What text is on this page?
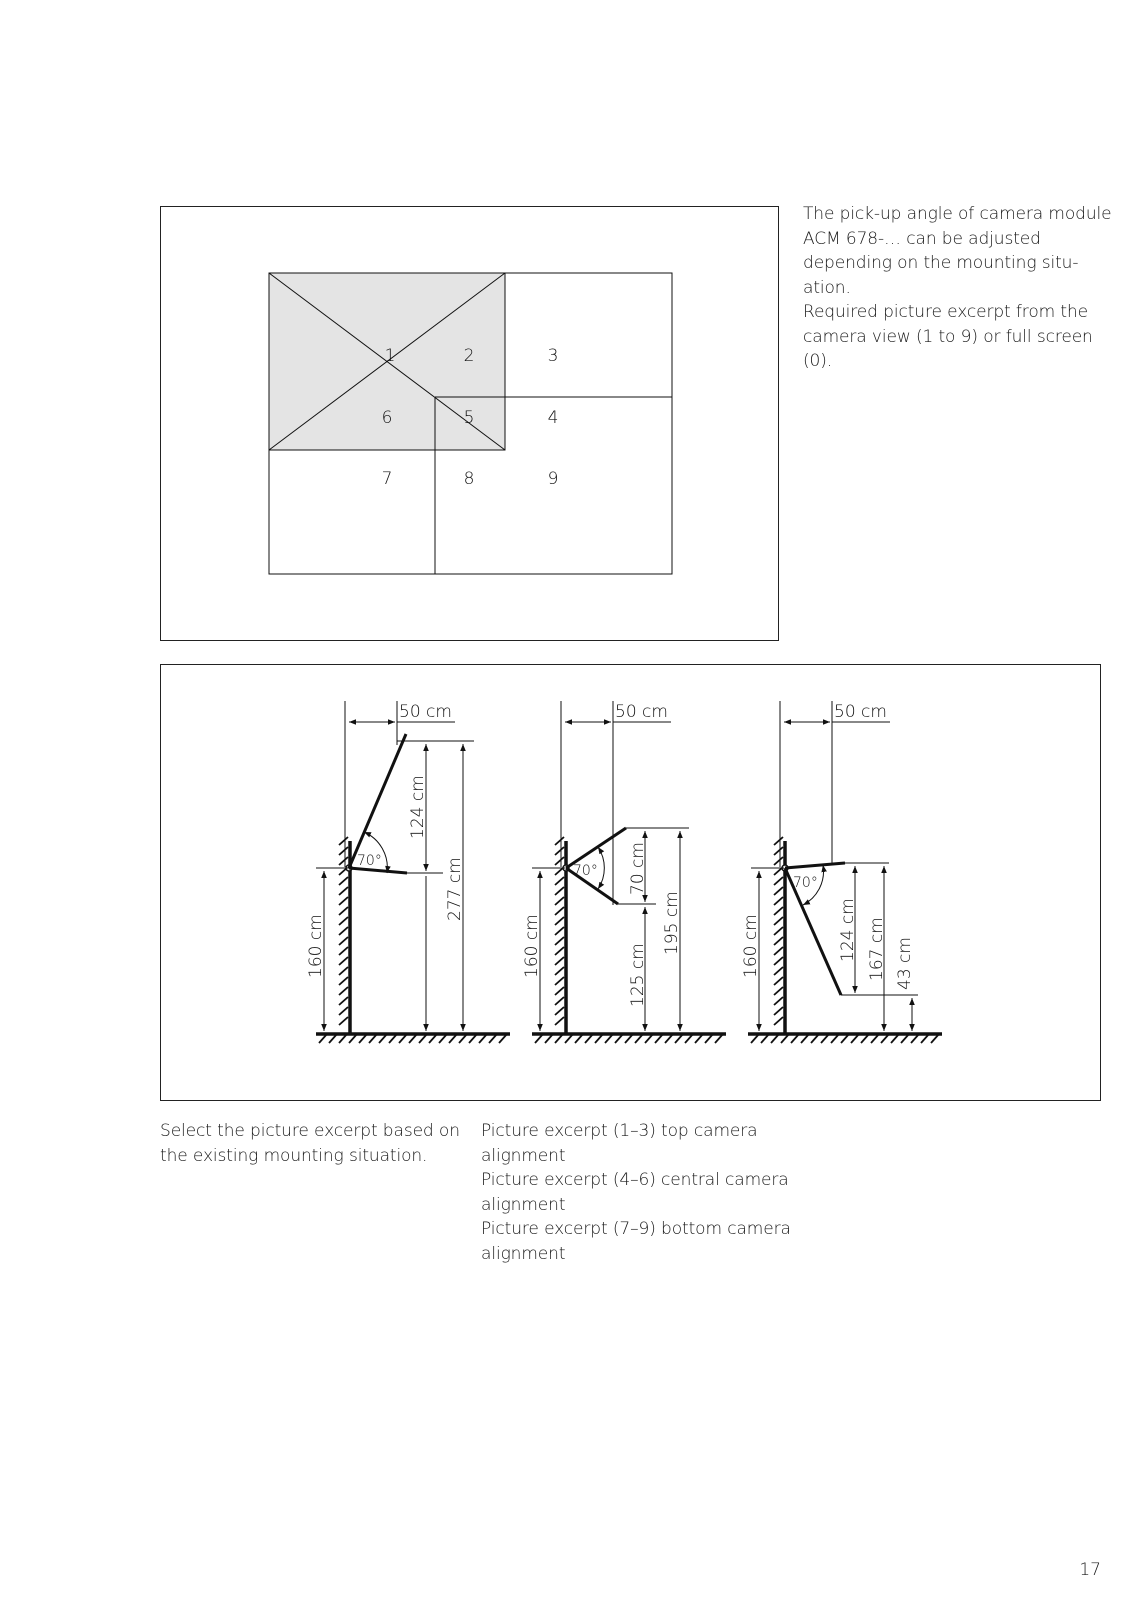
The pick-up angle of camera module

ACM 678-… can be adjusted

depending on the mounting situ-

ation.

Required picture excerpt from the

camera view (1 to 9) or full screen

(0).

1	2	3
4
5
6
7	8	9
70°
50 cm
160 cm
124 cm
277 cm	70°
50 cm
160 cm
70 cm
125 cm
195 cm
70°
50 cm
160 cm	124 cm 167 cm 43 cm

Select the picture excerpt based on

the existing mounting situation.

Picture excerpt (1–3) top camera

alignment

Picture excerpt (4–6) central camera

alignment

Picture excerpt (7–9) bottom camera

alignment

17
